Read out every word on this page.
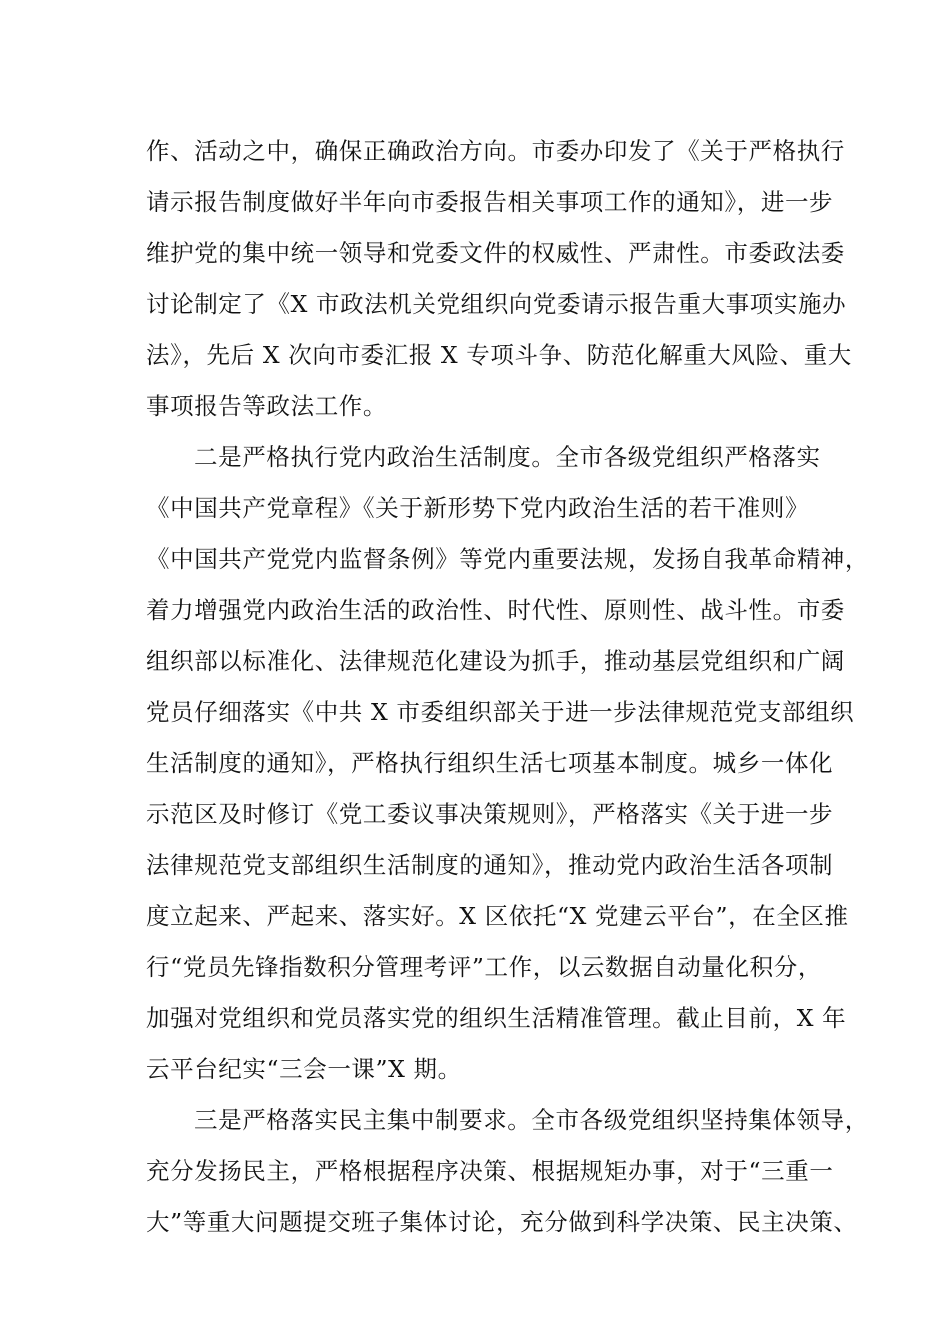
作、活动之中，确保正确政治方向。市委办印发了《关于严格执行
请示报告制度做好半年向市委报告相关事项工作的通知》，进一步
维护党的集中统一领导和党委文件的权威性、严肃性。市委政法委
讨论制定了《X 市政法机关党组织向党委请示报告重大事项实施办
法》，先后 X 次向市委汇报 X 专项斗争、防范化解重大风险、重大
事项报告等政法工作。
二是严格执行党内政治生活制度。全市各级党组织严格落实
《中国共产党章程》《关于新形势下党内政治生活的若干准则》
《中国共产党党内监督条例》等党内重要法规，发扬自我革命精神，
着力增强党内政治生活的政治性、时代性、原则性、战斗性。市委
组织部以标准化、法律规范化建设为抓手，推动基层党组织和广阔
党员仔细落实《中共 X 市委组织部关于进一步法律规范党支部组织
生活制度的通知》，严格执行组织生活七项基本制度。城乡一体化
示范区及时修订《党工委议事决策规则》，严格落实《关于进一步
法律规范党支部组织生活制度的通知》，推动党内政治生活各项制
度立起来、严起来、落实好。X 区依托“X 党建云平台”，在全区推
行“党员先锋指数积分管理考评”工作，以云数据自动量化积分，
加强对党组织和党员落实党的组织生活精准管理。截止目前，X 年
云平台纪实“三会一课”X 期。
三是严格落实民主集中制要求。全市各级党组织坚持集体领导，
充分发扬民主，严格根据程序决策、根据规矩办事，对于“三重一
大”等重大问题提交班子集体讨论，充分做到科学决策、民主决策、
